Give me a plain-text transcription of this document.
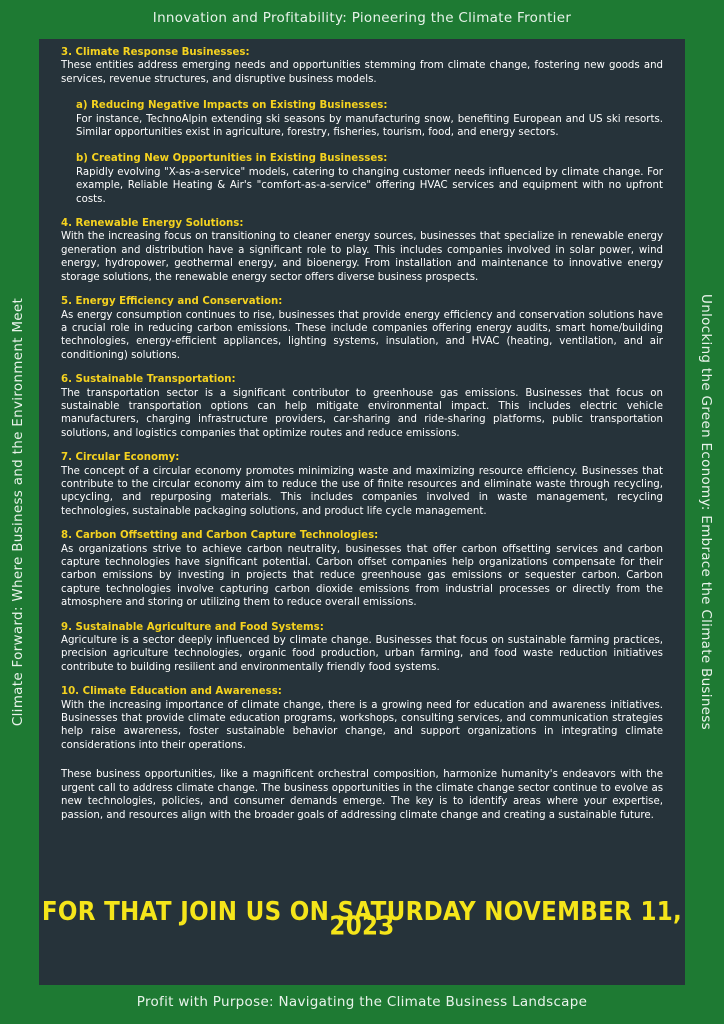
Innovation and Profitability: Pioneering the Climate Frontier
Climate Forward: Where Business and the Environment Meet	Unlocking the Green Economy: Embrace the Climate Business
3. Climate Response Businesses:

These entities address emerging needs and opportunities stemming from climate change, fostering new goods and services, revenue structures, and disruptive business models.

a) Reducing Negative Impacts on Existing Businesses:

For instance, TechnoAlpin extending ski seasons by manufacturing snow, benefiting European and US ski resorts. Similar opportunities exist in agriculture, forestry, fisheries, tourism, food, and energy sectors.

b) Creating New Opportunities in Existing Businesses:

Rapidly evolving "X-as-a-service" models, catering to changing customer needs influenced by climate change. For example, Reliable Heating & Air's "comfort-as-a-service" offering HVAC services and equipment with no upfront costs.

4. Renewable Energy Solutions:

With the increasing focus on transitioning to cleaner energy sources, businesses that specialize in renewable energy generation and distribution have a significant role to play. This includes companies involved in solar power, wind energy, hydropower, geothermal energy, and bioenergy. From installation and maintenance to innovative energy storage solutions, the renewable energy sector offers diverse business prospects.

5. Energy Efficiency and Conservation:

As energy consumption continues to rise, businesses that provide energy efficiency and conservation solutions have a crucial role in reducing carbon emissions. These include companies offering energy audits, smart home/building technologies, energy-efficient appliances, lighting systems, insulation, and HVAC (heating, ventilation, and air conditioning) solutions.

6. Sustainable Transportation:

The transportation sector is a significant contributor to greenhouse gas emissions. Businesses that focus on sustainable transportation options can help mitigate environmental impact. This includes electric vehicle manufacturers, charging infrastructure providers, car-sharing and ride-sharing platforms, public transportation solutions, and logistics companies that optimize routes and reduce emissions.

7. Circular Economy:

The concept of a circular economy promotes minimizing waste and maximizing resource efficiency. Businesses that contribute to the circular economy aim to reduce the use of finite resources and eliminate waste through recycling, upcycling, and repurposing materials. This includes companies involved in waste management, recycling technologies, sustainable packaging solutions, and product life cycle management.

8. Carbon Offsetting and Carbon Capture Technologies:

As organizations strive to achieve carbon neutrality, businesses that offer carbon offsetting services and carbon capture technologies have significant potential. Carbon offset companies help organizations compensate for their carbon emissions by investing in projects that reduce greenhouse gas emissions or sequester carbon. Carbon capture technologies involve capturing carbon dioxide emissions from industrial processes or directly from the atmosphere and storing or utilizing them to reduce overall emissions.

9. Sustainable Agriculture and Food Systems:

Agriculture is a sector deeply influenced by climate change. Businesses that focus on sustainable farming practices, precision agriculture technologies, organic food production, urban farming, and food waste reduction initiatives contribute to building resilient and environmentally friendly food systems.

10. Climate Education and Awareness:

With the increasing importance of climate change, there is a growing need for education and awareness initiatives. Businesses that provide climate education programs, workshops, consulting services, and communication strategies help raise awareness, foster sustainable behavior change, and support organizations in integrating climate considerations into their operations.

These business opportunities, like a magnificent orchestral composition, harmonize humanity's endeavors with the urgent call to address climate change. The business opportunities in the climate change sector continue to evolve as new technologies, policies, and consumer demands emerge. The key is to identify areas where your expertise, passion, and resources align with the broader goals of addressing climate change and creating a sustainable future.

FOR THAT JOIN US ON SATURDAY NOVEMBER 11, 2023
Profit with Purpose: Navigating the Climate Business Landscape
